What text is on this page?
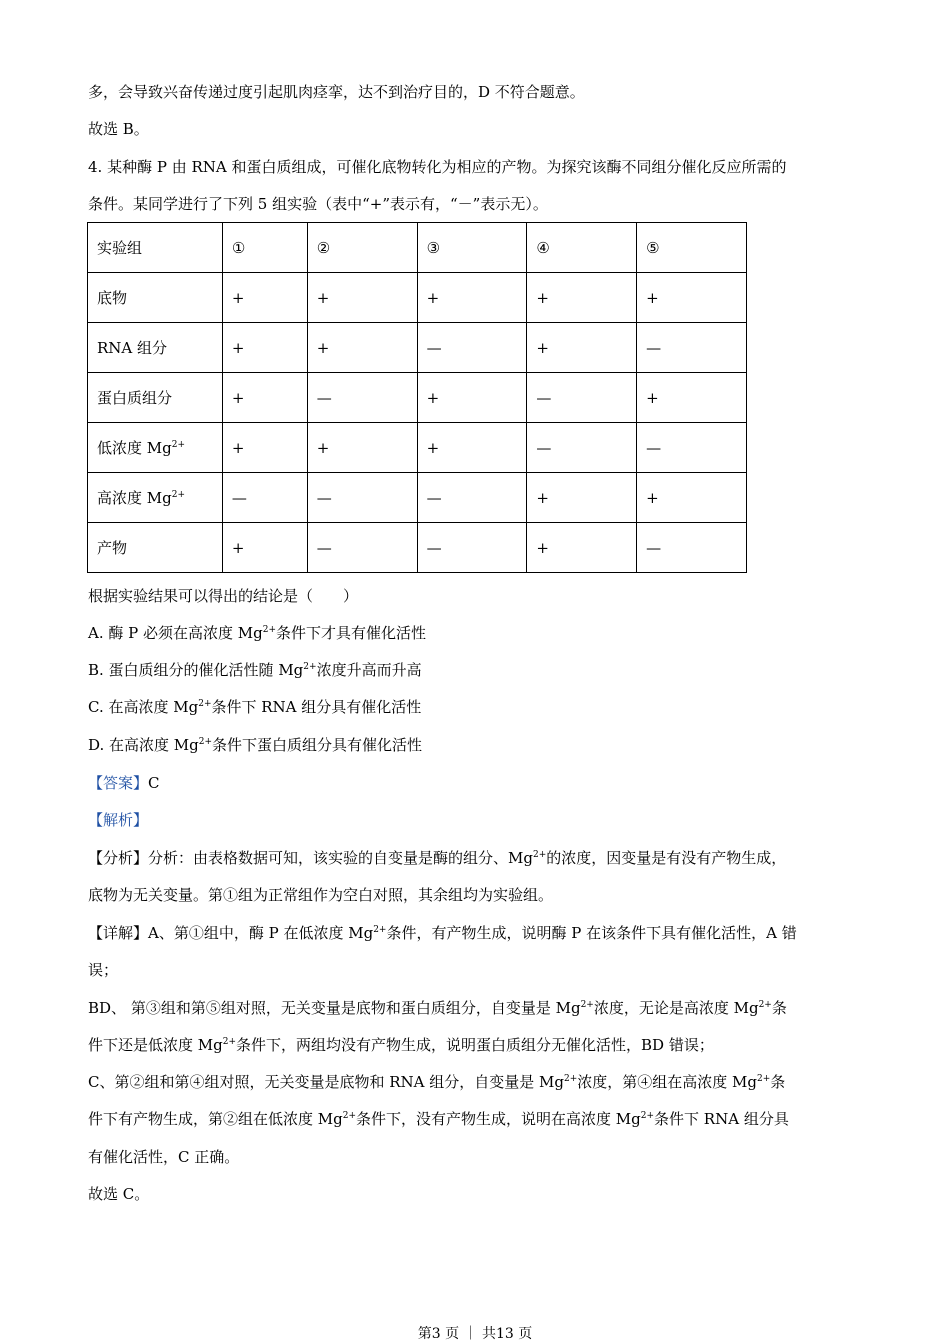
多，会导致兴奋传递过度引起肌肉痉挛，达不到治疗目的，D 不符合题意。
故选 B。
4. 某种酶 P 由 RNA 和蛋白质组成，可催化底物转化为相应的产物。为探究该酶不同组分催化反应所需的
条件。某同学进行了下列 5 组实验（表中“+”表示有，“－”表示无）。
实验组	①	②	③	④	⑤
底物	+	+	+	+	+
RNA 组分	+	+	—	+	—
蛋白质组分	+	—	+	—	+
低浓度 $Mg^{2+}$	+	+	+	—	—
高浓度 $Mg^{2+}$	—	—	—	+	+
产物	+	—	—	+	—
根据实验结果可以得出的结论是（　　）
A. 酶 P 必须在高浓度 $Mg^{2+}$条件下才具有催化活性
B. 蛋白质组分的催化活性随 $Mg^{2+}$浓度升高而升高
C. 在高浓度 $Mg^{2+}$条件下 RNA 组分具有催化活性
D. 在高浓度 $Mg^{2+}$条件下蛋白质组分具有催化活性
【答案】C
【解析】
【分析】分析：由表格数据可知，该实验的自变量是酶的组分、$Mg^{2+}$的浓度，因变量是有没有产物生成，
底物为无关变量。第①组为正常组作为空白对照，其余组均为实验组。
【详解】A、第①组中，酶 P 在低浓度 $Mg^{2+}$条件，有产物生成，说明酶 P 在该条件下具有催化活性，A 错
误；
BD、 第③组和第⑤组对照，无关变量是底物和蛋白质组分，自变量是 $Mg^{2+}$浓度，无论是高浓度 $Mg^{2+}$条
件下还是低浓度 $Mg^{2+}$条件下，两组均没有产物生成，说明蛋白质组分无催化活性，BD 错误；
C、第②组和第④组对照，无关变量是底物和 RNA 组分，自变量是 $Mg^{2+}$浓度，第④组在高浓度 $Mg^{2+}$条
件下有产物生成，第②组在低浓度 $Mg^{2+}$条件下，没有产物生成，说明在高浓度 $Mg^{2+}$条件下 RNA 组分具
有催化活性，C 正确。
故选 C。
第3 页 ｜ 共13 页
